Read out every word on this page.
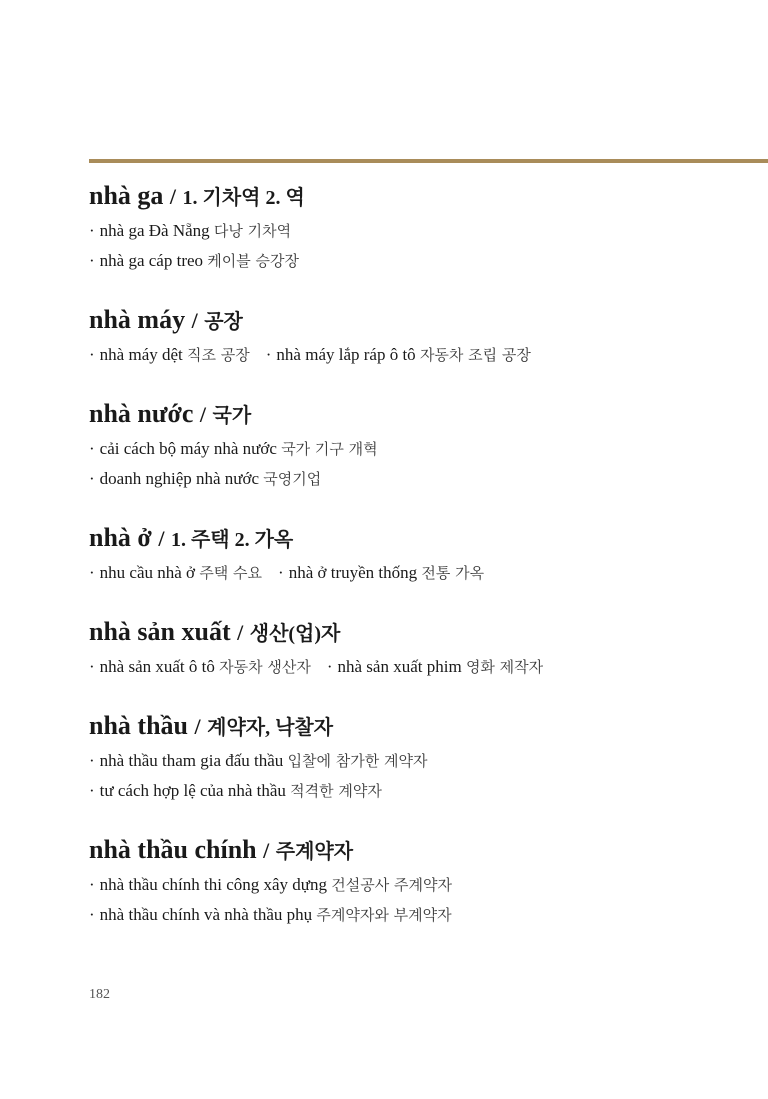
nhà ga / 1. 기차역 2. 역
· nhà ga Đà Nẵng 다낭 기차역
· nhà ga cáp treo 케이블 승강장
nhà máy / 공장
· nhà máy dệt 직조 공장 · nhà máy lắp ráp ô tô 자동차 조립 공장
nhà nước / 국가
· cải cách bộ máy nhà nước 국가 기구 개혁
· doanh nghiệp nhà nước 국영기업
nhà ở / 1. 주택 2. 가옥
· nhu cầu nhà ở 주택 수요 · nhà ở truyền thống 전통 가옥
nhà sản xuất / 생산(업)자
· nhà sản xuất ô tô 자동차 생산자 · nhà sản xuất phim 영화 제작자
nhà thầu / 계약자, 낙찰자
· nhà thầu tham gia đấu thầu 입찰에 참가한 계약자
· tư cách hợp lệ của nhà thầu 적격한 계약자
nhà thầu chính / 주계약자
· nhà thầu chính thi công xây dựng 건설공사 주계약자
· nhà thầu chính và nhà thầu phụ 주계약자와 부계약자
182
